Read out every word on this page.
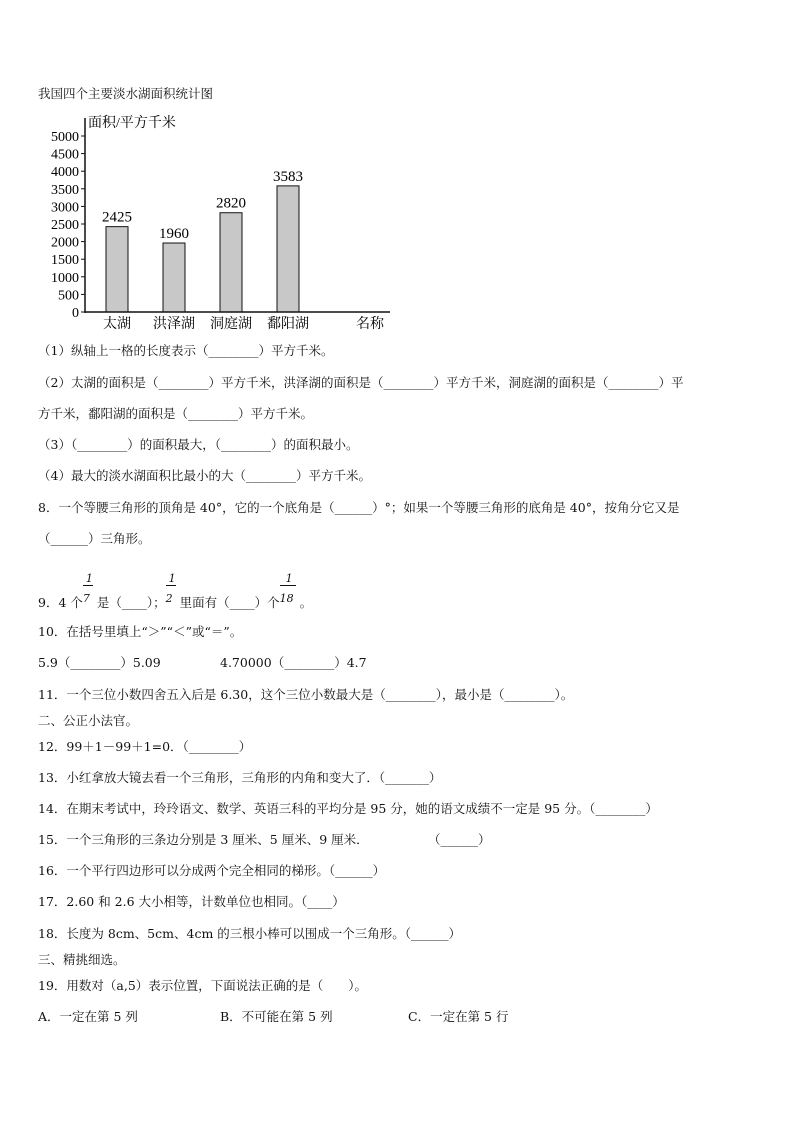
我国四个主要淡水湖面积统计图
0
500
1000
1500
2000
2500
3000
3500
4000
4500
5000
2425
太湖
1960
洪泽湖
2820
洞庭湖
3583
鄱阳湖
面积/平方千米
名称
（1）纵轴上一格的长度表示（________）平方千米。
（2）太湖的面积是（________）平方千米，洪泽湖的面积是（________）平方千米，洞庭湖的面积是（________）平
方千米，鄱阳湖的面积是（________）平方千米。
（3）（________）的面积最大，（________）的面积最小。
（4）最大的淡水湖面积比最小的大（________）平方千米。
8．一个等腰三角形的顶角是 40°，它的一个底角是（______）°；如果一个等腰三角形的底角是 40°，按角分它又是
（______）三角形。
9．4 个 $\frac{1}{7}$ 是（____）； $\frac{1}{2}$ 里面有（____）个 $\frac{1}{18}$ 。
10．在括号里填上“＞”“＜”或“＝”。
5.9（________）5.09	4.70000（________）4.7
11．一个三位小数四舍五入后是 6.30，这个三位小数最大是（________），最小是（________）。
二、公正小法官。
12．99＋1－99＋1=0．（________）
13．小红拿放大镜去看一个三角形，三角形的内角和变大了．（_______）
14．在期末考试中，玲玲语文、数学、英语三科的平均分是 95 分，她的语文成绩不一定是 95 分。（________）
15．一个三角形的三条边分别是 3 厘米、5 厘米、9 厘米．	（______）
16．一个平行四边形可以分成两个完全相同的梯形。（______）
17．2.60 和 2.6 大小相等，计数单位也相同。（____）
18．长度为 8cm、5cm、4cm 的三根小棒可以围成一个三角形。（______）
三、精挑细选。
19．用数对（a,5）表示位置，下面说法正确的是（　　）。
A．一定在第 5 列	B．不可能在第 5 列	C．一定在第 5 行
